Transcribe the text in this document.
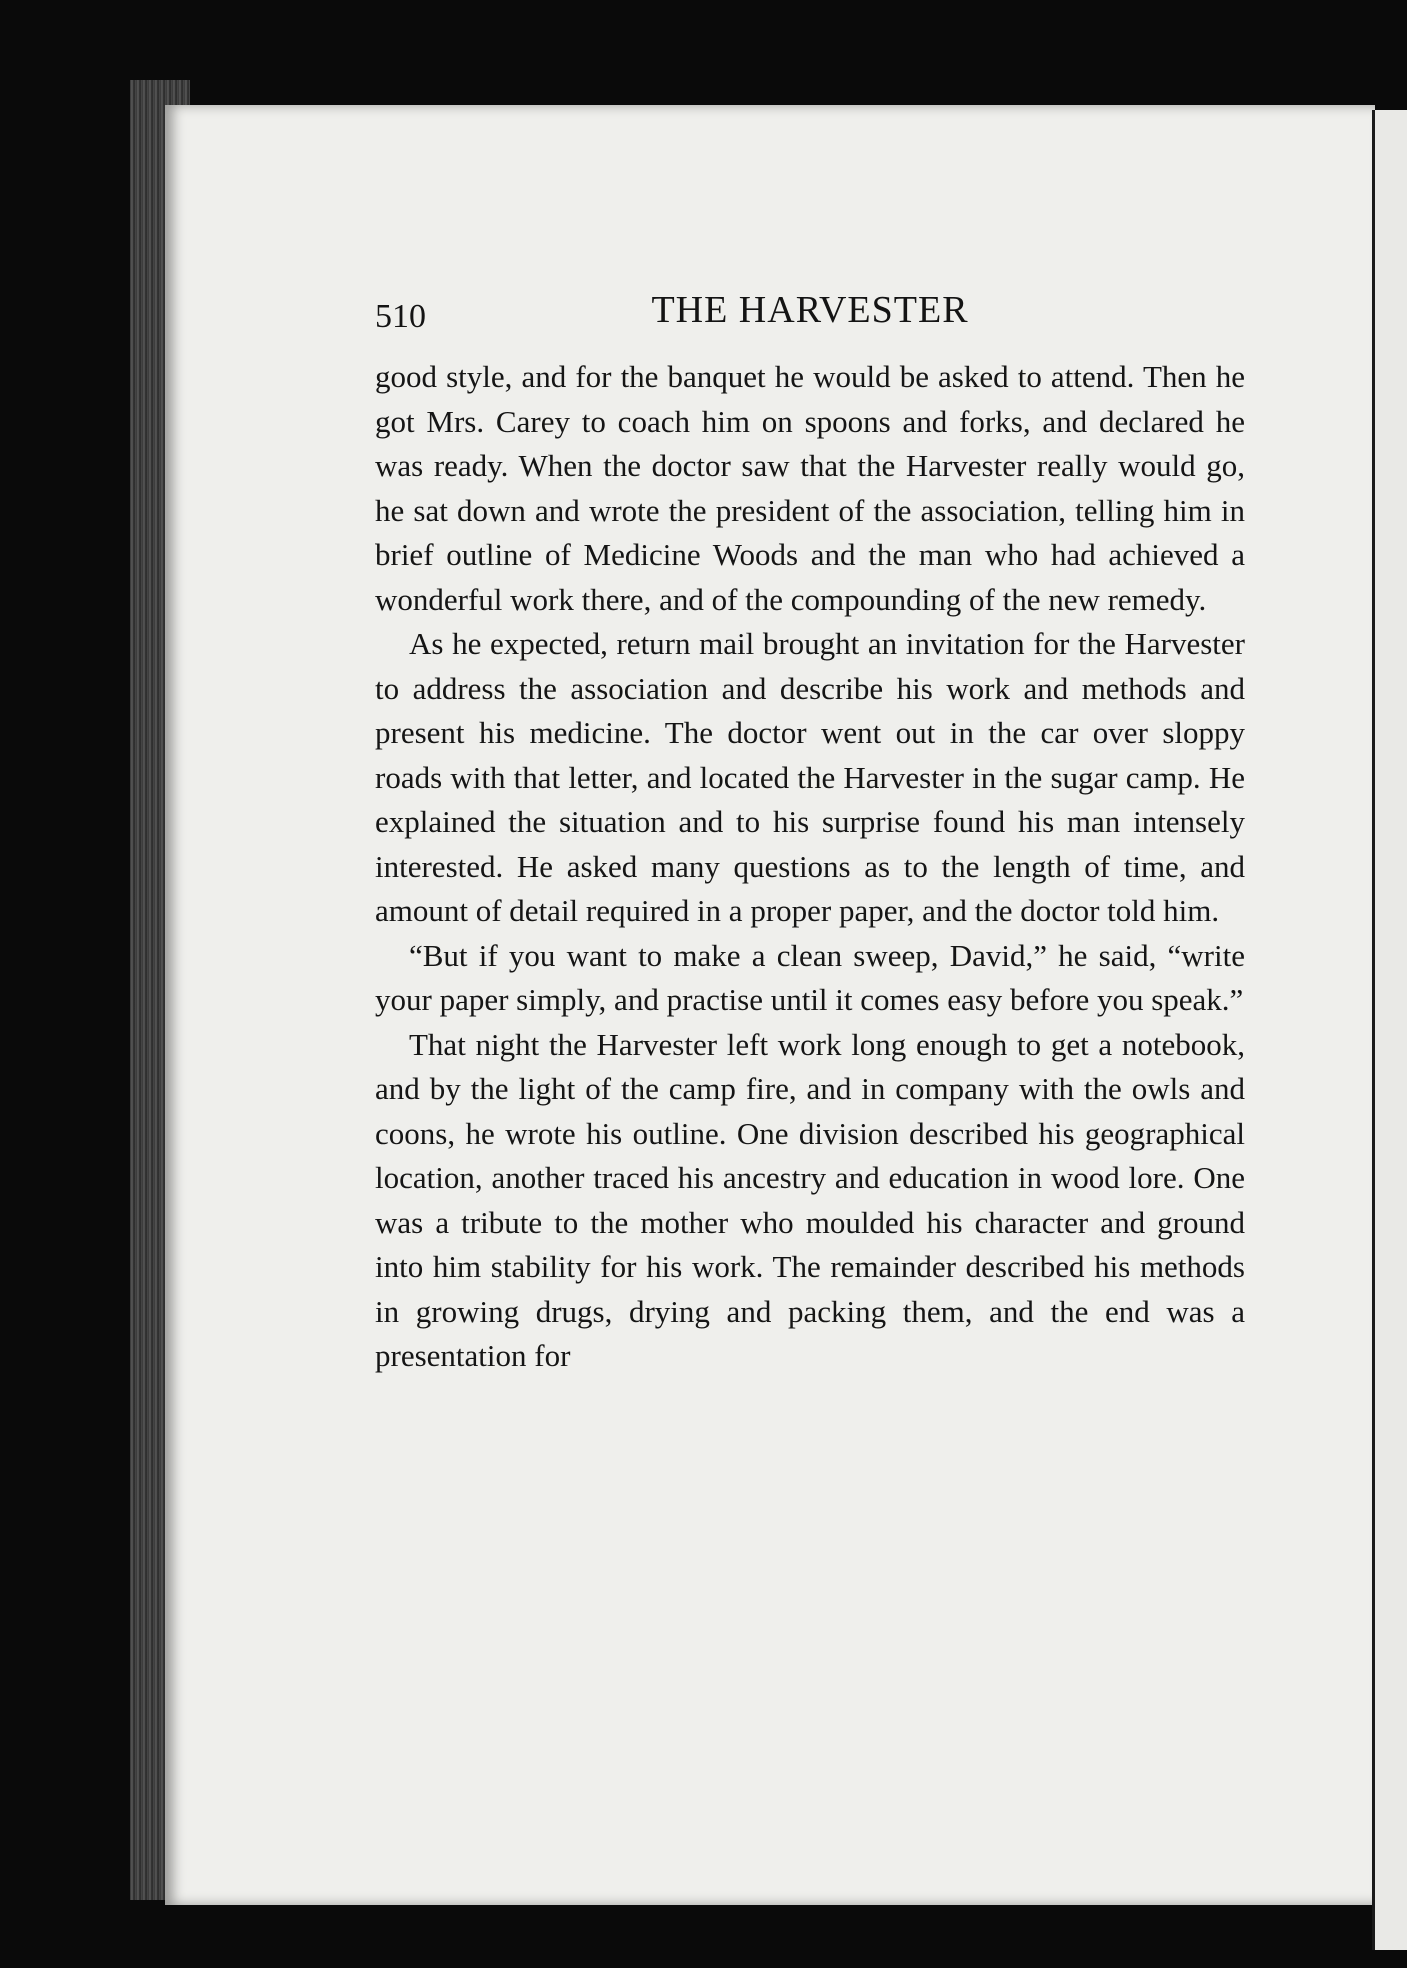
510	THE HARVESTER

good style, and for the banquet he would be asked to attend. Then he got Mrs. Carey to coach him on spoons and forks, and declared he was ready. When the doctor saw that the Harvester really would go, he sat down and wrote the president of the association, telling him in brief outline of Medicine Woods and the man who had achieved a wonderful work there, and of the compounding of the new remedy.

As he expected, return mail brought an invitation for the Harvester to address the association and describe his work and methods and present his medicine. The doctor went out in the car over sloppy roads with that letter, and located the Harvester in the sugar camp. He explained the situation and to his surprise found his man intensely interested. He asked many questions as to the length of time, and amount of detail required in a proper paper, and the doctor told him.

“But if you want to make a clean sweep, David,” he said, “write your paper simply, and practise until it comes easy before you speak.”

That night the Harvester left work long enough to get a notebook, and by the light of the camp fire, and in company with the owls and coons, he wrote his outline. One division described his geographical location, another traced his ancestry and education in wood lore. One was a tribute to the mother who moulded his character and ground into him stability for his work. The remainder described his methods in growing drugs, drying and packing them, and the end was a presentation for
